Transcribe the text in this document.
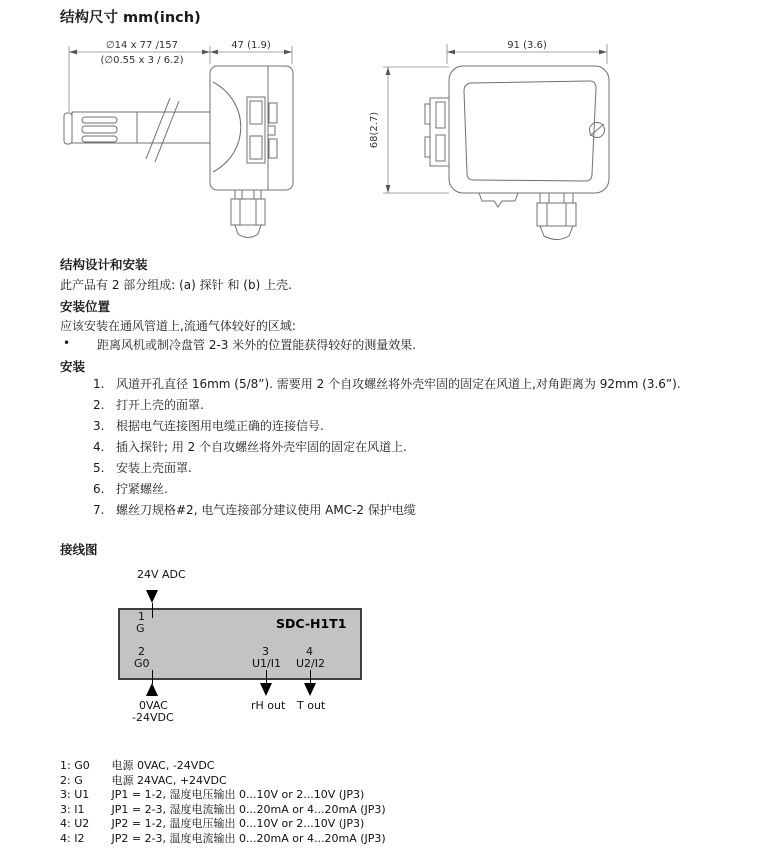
结构尺寸 mm(inch)
∅14 x 77 /157
(∅0.55 x 3 / 6.2)
47 (1.9)	91 (3.6)
68(2.7)
结构设计和安装
此产品有 2 部分组成: (a) 探针 和 (b) 上壳.
安装位置
应该安装在通风管道上,流通气体较好的区域:
• 距离风机或制冷盘管 2-3 米外的位置能获得较好的测量效果.
安装
1. 风道开孔直径 16mm (5/8”). 需要用 2 个自攻螺丝将外壳牢固的固定在风道上,对角距离为 92mm (3.6”).
2. 打开上壳的面罩.
3. 根据电气连接图用电缆正确的连接信号.
4. 插入探针; 用 2 个自攻螺丝将外壳牢固的固定在风道上.
5. 安装上壳面罩.
6. 拧紧螺丝.
7. 螺丝刀规格#2, 电气连接部分建议使用 AMC-2 保护电缆
接线图
24V ADC
1
G	SDC-H1T1
2
G0
3
U1/I1
4
U2/I2
0VAC
-24VDC
rH out T out
1: G0 电源 0VAC, -24VDC
2: G	电源 24VAC, +24VDC
3: U1 JP1 = 1-2, 湿度电压输出 0...10V or 2...10V (JP3)
3: I1 JP1 = 2-3, 湿度电流输出 0...20mA or 4...20mA (JP3)
4: U2 JP2 = 1-2, 温度电压输出 0...10V or 2...10V (JP3)
4: I2 JP2 = 2-3, 温度电流输出 0...20mA or 4...20mA (JP3)
